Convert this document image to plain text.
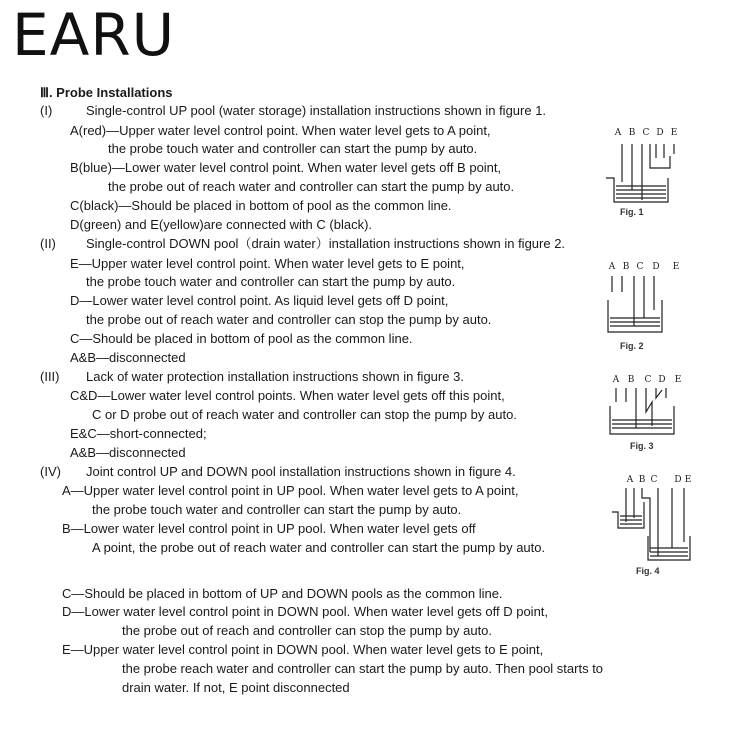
EARU
Ⅲ. Probe Installations
(I)	Single-control UP pool (water storage) installation instructions shown in figure 1.
A(red)—Upper water level control point. When water level gets to A point,
the probe touch water and controller can start the pump by auto.
B(blue)—Lower water level control point. When water level gets off B point,
the probe out of reach water and controller can start the pump by auto.
C(black)—Should be placed in bottom of pool as the common line.
D(green) and E(yellow)are connected with C (black).
(II) Single-control DOWN pool（drain water）installation instructions shown in figure 2.
E—Upper water level control point. When water level gets to E point,
the probe touch water and controller can start the pump by auto.
D—Lower water level control point. As liquid level gets off D point,
the probe out of reach water and controller can stop the pump by auto.
C—Should be placed in bottom of pool as the common line.
A&B—disconnected
(III) Lack of water protection installation instructions shown in figure 3.
C&D—Lower water level control points. When water level gets off this point,
C or D probe out of reach water and controller can stop the pump by auto.
E&C—short-connected;
A&B—disconnected
(IV) Joint control UP and DOWN pool installation instructions shown in figure 4.
A—Upper water level control point in UP pool. When water level gets to A point,
the probe touch water and controller can start the pump by auto.
B—Lower water level control point in UP pool. When water level gets off
A point, the probe out of reach water and controller can start the pump by auto.
C—Should be placed in bottom of UP and DOWN pools as the common line.
D—Lower water level control point in DOWN pool. When water level gets off D point,
the probe out of reach and controller can stop the pump by auto.
E—Upper water level control point in DOWN pool. When water level gets to E point,
the probe reach water and controller can start the pump by auto. Then pool starts to
drain water. If not, E point disconnected
A B C D E
Fig. 1
A B C D E
Fig. 2
A B C D E
Fig. 3
A B C D E
Fig. 4
